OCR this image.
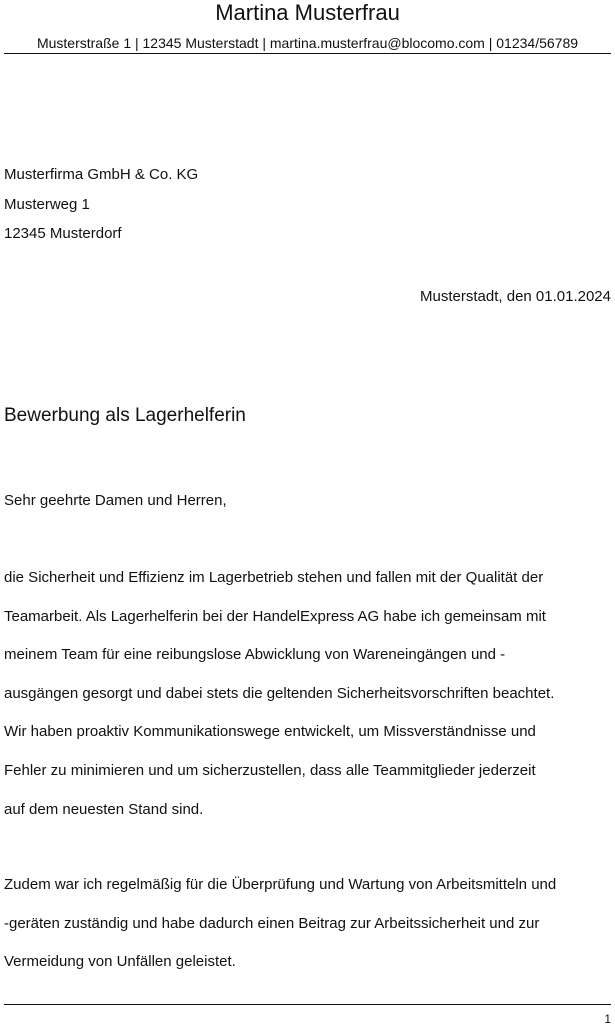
Martina Musterfrau
Musterstraße 1 | 12345 Musterstadt | martina.musterfrau@blocomo.com | 01234/56789
Musterfirma GmbH & Co. KG
Musterweg 1
12345 Musterdorf
Musterstadt, den 01.01.2024
Bewerbung als Lagerhelferin
Sehr geehrte Damen und Herren,
die Sicherheit und Effizienz im Lagerbetrieb stehen und fallen mit der Qualität der
Teamarbeit. Als Lagerhelferin bei der HandelExpress AG habe ich gemeinsam mit
meinem Team für eine reibungslose Abwicklung von Wareneingängen und -
ausgängen gesorgt und dabei stets die geltenden Sicherheitsvorschriften beachtet.
Wir haben proaktiv Kommunikationswege entwickelt, um Missverständnisse und
Fehler zu minimieren und um sicherzustellen, dass alle Teammitglieder jederzeit
auf dem neuesten Stand sind.
Zudem war ich regelmäßig für die Überprüfung und Wartung von Arbeitsmitteln und
-geräten zuständig und habe dadurch einen Beitrag zur Arbeitssicherheit und zur
Vermeidung von Unfällen geleistet.
1
